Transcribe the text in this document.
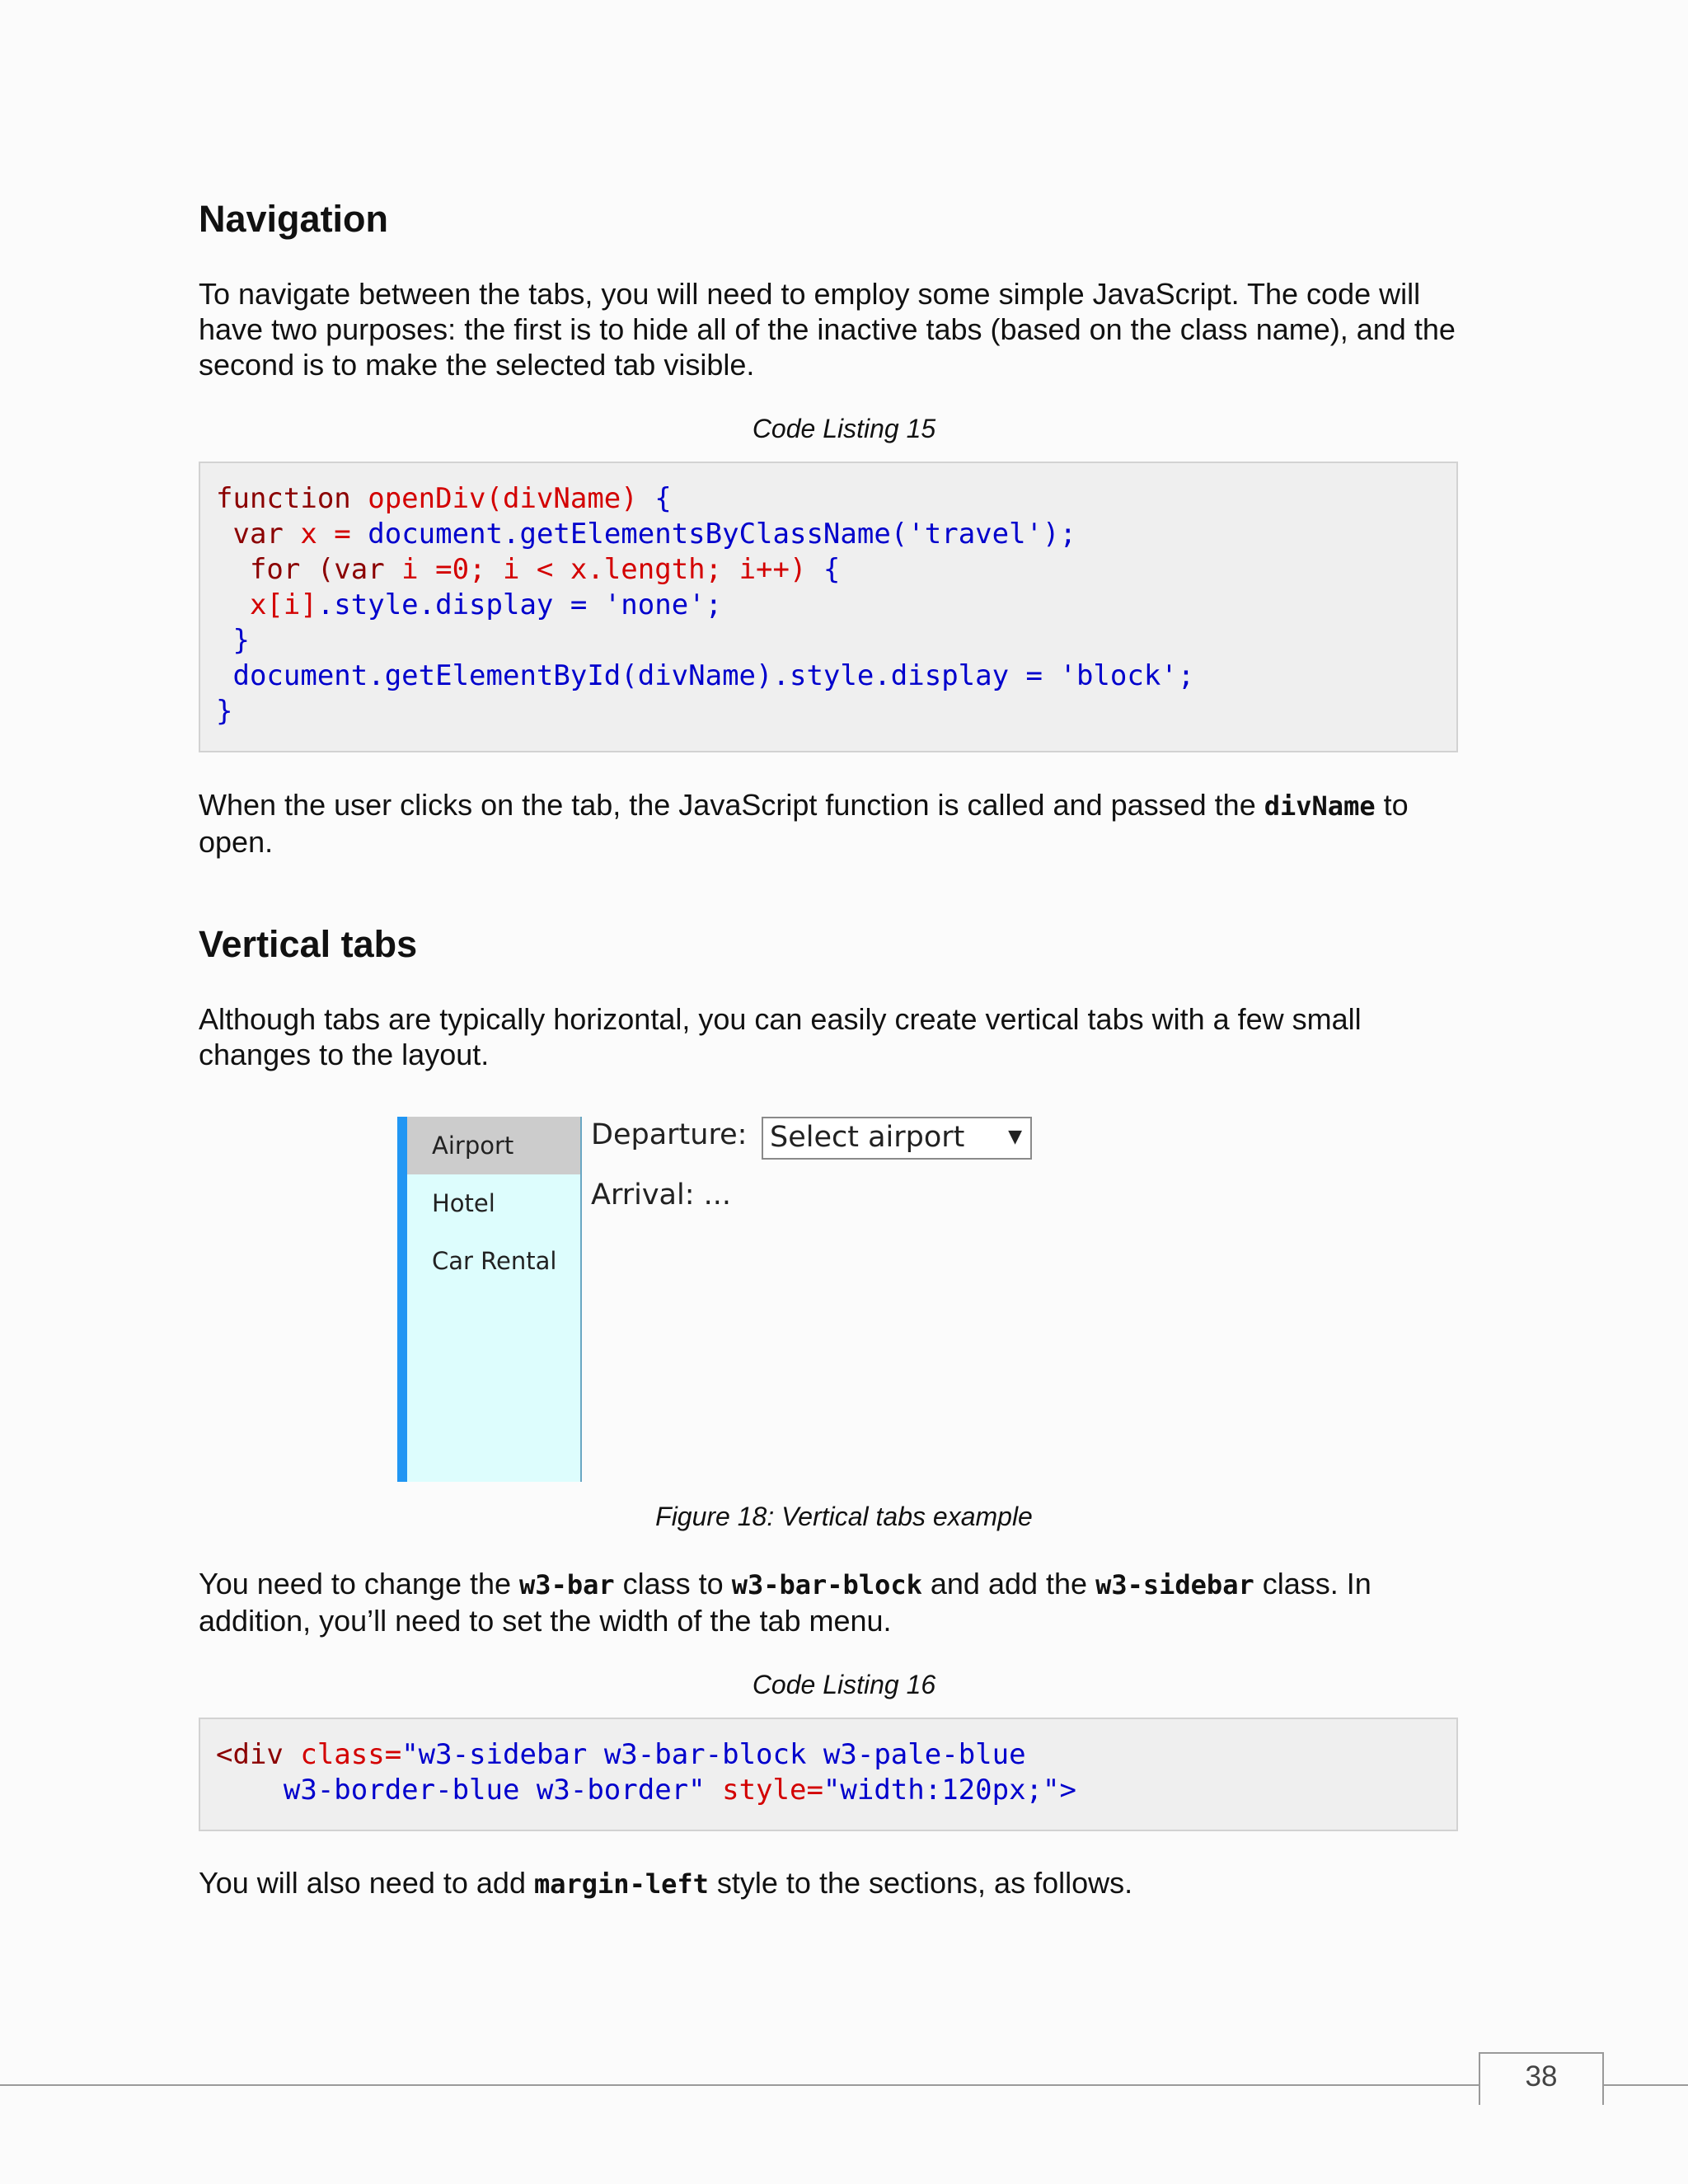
Navigation
To navigate between the tabs, you will need to employ some simple JavaScript. The code will
have two purposes: the first is to hide all of the inactive tabs (based on the class name), and the
second is to make the selected tab visible.
Code Listing 15
function openDiv(divName) {
var x = document.getElementsByClassName('travel');
for (var i =0; i < x.length; i++) {
x[i].style.display = 'none';
}
document.getElementById(divName).style.display = 'block';
}
When the user clicks on the tab, the JavaScript function is called and passed the divName to
open.
Vertical tabs
Although tabs are typically horizontal, you can easily create vertical tabs with a few small
changes to the layout.
Airport
Hotel
Car Rental
Departure: Select airport ▼
Arrival: ...
Figure 18: Vertical tabs example
You need to change the w3-bar class to w3-bar-block and add the w3-sidebar class. In
addition, you’ll need to set the width of the tab menu.
Code Listing 16
<div class="w3-sidebar w3-bar-block w3-pale-blue
w3-border-blue w3-border" style="width:120px;">
You will also need to add margin-left style to the sections, as follows.
38
